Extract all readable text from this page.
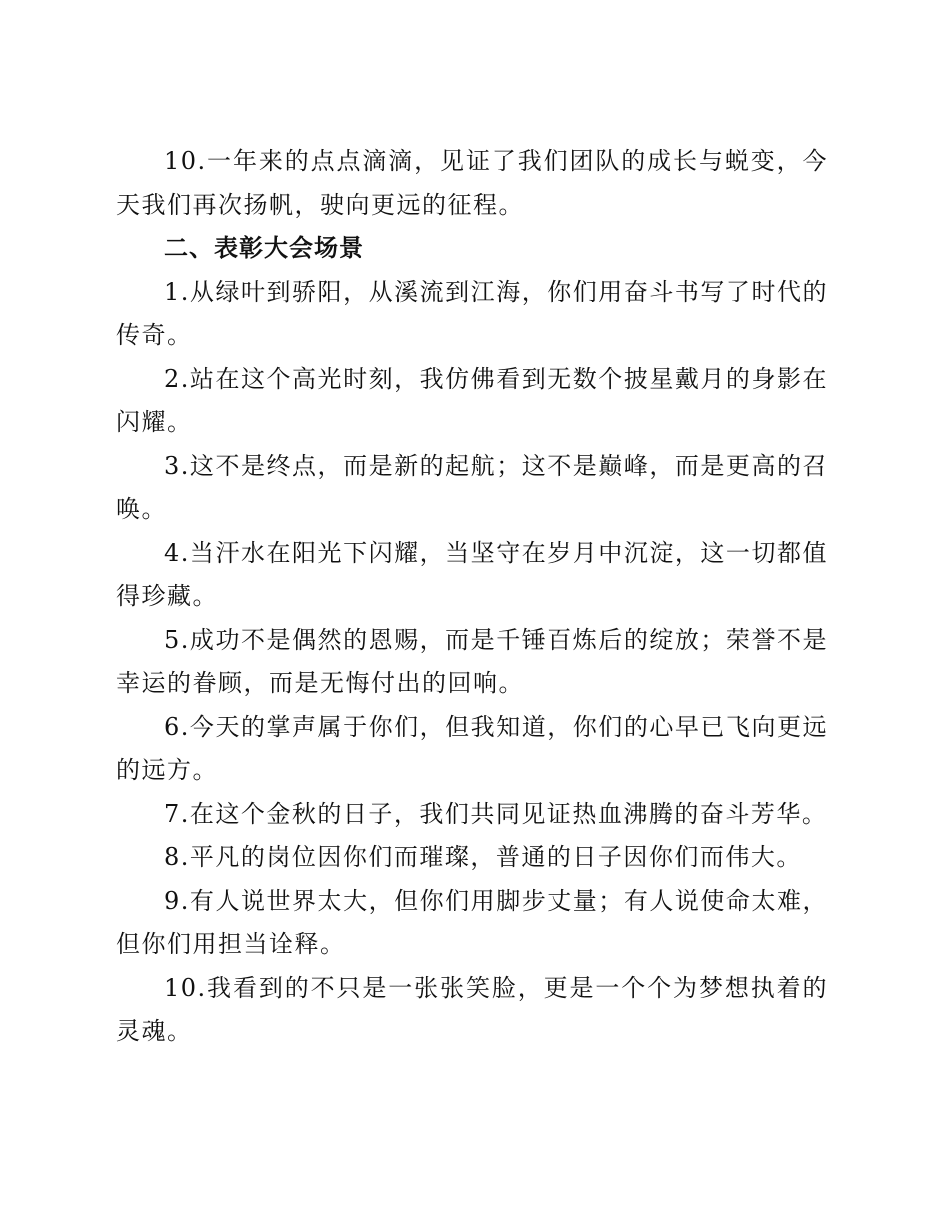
10.一年来的点点滴滴，见证了我们团队的成长与蜕变，今天我们再次扬帆，驶向更远的征程。

二、表彰大会场景

1.从绿叶到骄阳，从溪流到江海，你们用奋斗书写了时代的传奇。

2.站在这个高光时刻，我仿佛看到无数个披星戴月的身影在闪耀。

3.这不是终点，而是新的起航；这不是巅峰，而是更高的召唤。

4.当汗水在阳光下闪耀，当坚守在岁月中沉淀，这一切都值得珍藏。

5.成功不是偶然的恩赐，而是千锤百炼后的绽放；荣誉不是幸运的眷顾，而是无悔付出的回响。

6.今天的掌声属于你们，但我知道，你们的心早已飞向更远的远方。

7.在这个金秋的日子，我们共同见证热血沸腾的奋斗芳华。

8.平凡的岗位因你们而璀璨，普通的日子因你们而伟大。

9.有人说世界太大，但你们用脚步丈量；有人说使命太难，但你们用担当诠释。

10.我看到的不只是一张张笑脸，更是一个个为梦想执着的灵魂。
